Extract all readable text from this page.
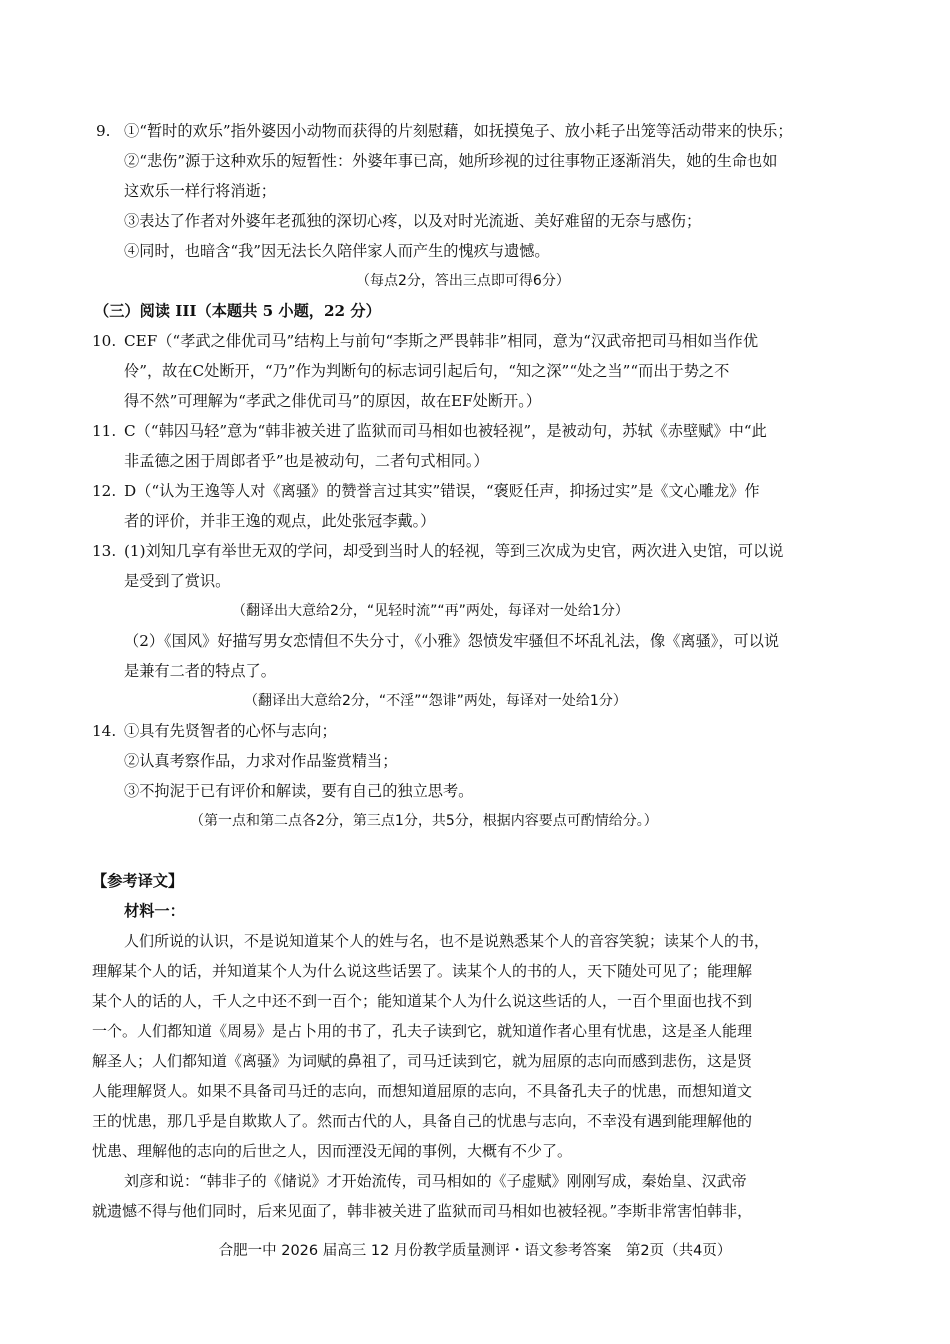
9. ①“暂时的欢乐”指外婆因小动物而获得的片刻慰藉，如抚摸兔子、放小耗子出笼等活动带来的快乐；
②“悲伤”源于这种欢乐的短暂性：外婆年事已高，她所珍视的过往事物正逐渐消失，她的生命也如
这欢乐一样行将消逝；
③表达了作者对外婆年老孤独的深切心疼，以及对时光流逝、美好难留的无奈与感伤；
④同时，也暗含“我”因无法长久陪伴家人而产生的愧疚与遗憾。
（每点2分，答出三点即可得6分）
（三）阅读 III（本题共 5 小题，22 分）
10. CEF（“孝武之俳优司马”结构上与前句“李斯之严畏韩非”相同，意为“汉武帝把司马相如当作优
伶”，故在C处断开，“乃”作为判断句的标志词引起后句，“知之深”“处之当”“而出于势之不
得不然”可理解为“孝武之俳优司马”的原因，故在EF处断开。）
11. C（“韩囚马轻”意为“韩非被关进了监狱而司马相如也被轻视”，是被动句，苏轼《赤壁赋》中“此
非孟德之困于周郎者乎”也是被动句，二者句式相同。）
12. D（“认为王逸等人对《离骚》的赞誉言过其实”错误，“褒贬任声，抑扬过实”是《文心雕龙》作
者的评价，并非王逸的观点，此处张冠李戴。）
13. (1)刘知几享有举世无双的学问，却受到当时人的轻视，等到三次成为史官，两次进入史馆，可以说
是受到了赏识。
（翻译出大意给2分，“见轻时流”“再”两处，每译对一处给1分）
（2）《国风》好描写男女恋情但不失分寸，《小雅》怨愤发牢骚但不坏乱礼法，像《离骚》，可以说
是兼有二者的特点了。
（翻译出大意给2分，“不淫”“怨诽”两处，每译对一处给1分）
14. ①具有先贤智者的心怀与志向；
②认真考察作品，力求对作品鉴赏精当；
③不拘泥于已有评价和解读，要有自己的独立思考。
（第一点和第二点各2分，第三点1分，共5分，根据内容要点可酌情给分。）
【参考译文】
材料一：
人们所说的认识，不是说知道某个人的姓与名，也不是说熟悉某个人的音容笑貌；读某个人的书，
理解某个人的话，并知道某个人为什么说这些话罢了。读某个人的书的人，天下随处可见了；能理解
某个人的话的人，千人之中还不到一百个；能知道某个人为什么说这些话的人，一百个里面也找不到
一个。人们都知道《周易》是占卜用的书了，孔夫子读到它，就知道作者心里有忧患，这是圣人能理
解圣人；人们都知道《离骚》为词赋的鼻祖了，司马迁读到它，就为屈原的志向而感到悲伤，这是贤
人能理解贤人。如果不具备司马迁的志向，而想知道屈原的志向，不具备孔夫子的忧患，而想知道文
王的忧患，那几乎是自欺欺人了。然而古代的人，具备自己的忧患与志向，不幸没有遇到能理解他的
忧患、理解他的志向的后世之人，因而湮没无闻的事例，大概有不少了。
刘彦和说：“韩非子的《储说》才开始流传，司马相如的《子虚赋》刚刚写成，秦始皇、汉武帝
就遗憾不得与他们同时，后来见面了，韩非被关进了监狱而司马相如也被轻视。”李斯非常害怕韩非，
合肥一中 2026 届高三 12 月份教学质量测评・语文参考答案　第2页（共4页）
